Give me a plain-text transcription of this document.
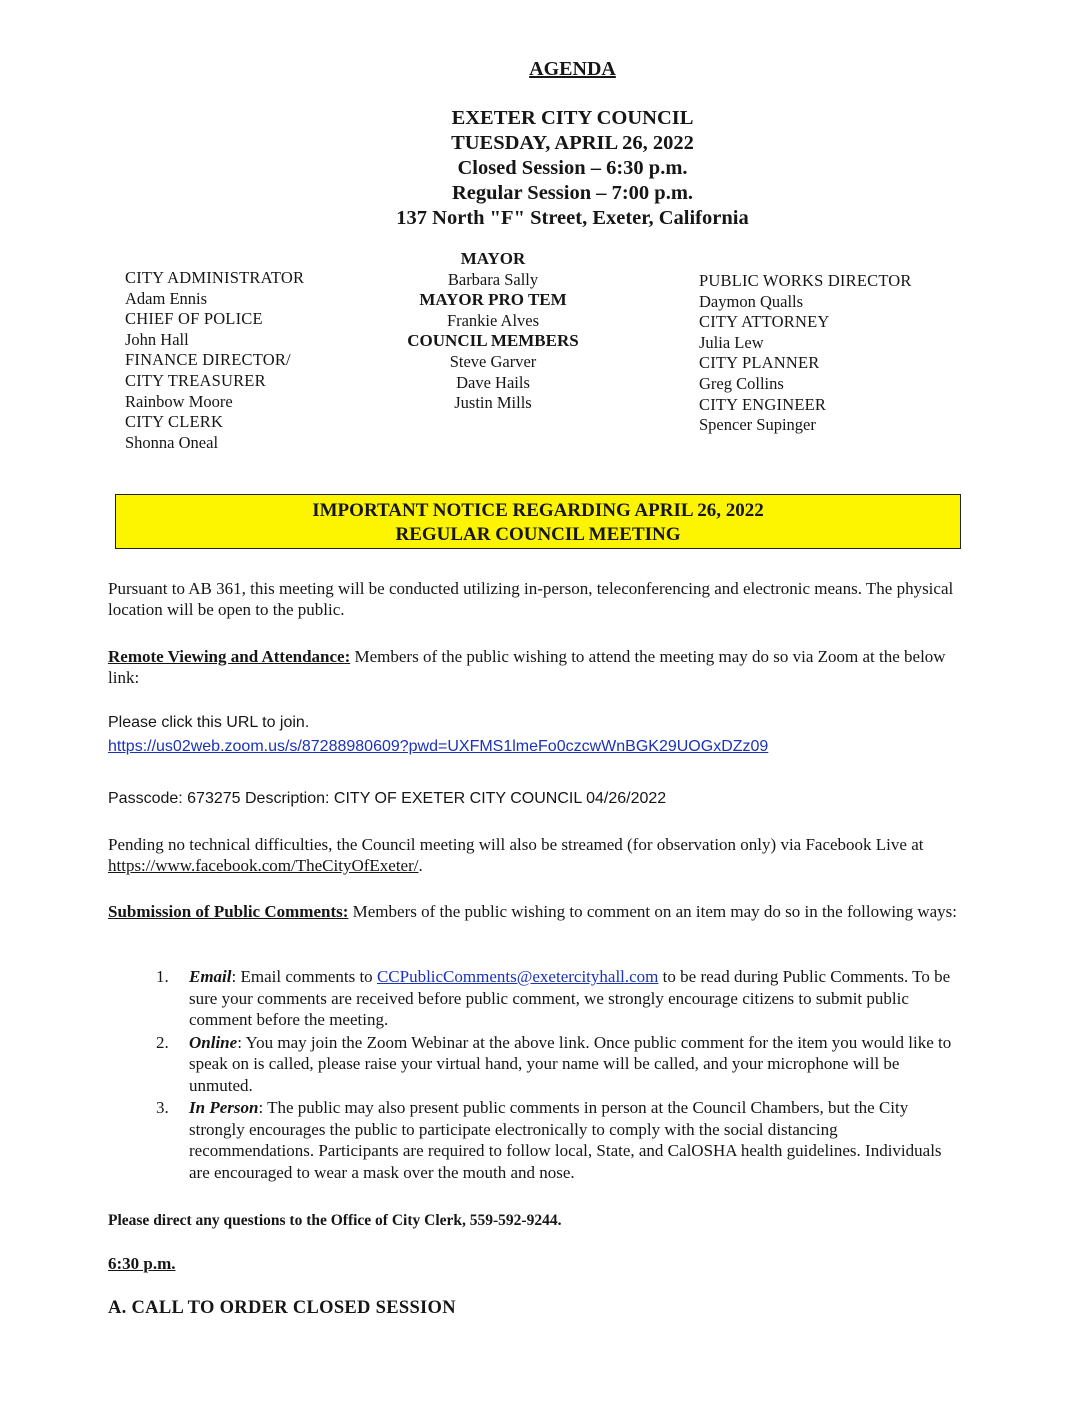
AGENDA
EXETER CITY COUNCIL
TUESDAY, APRIL 26, 2022
Closed Session – 6:30 p.m.
Regular Session – 7:00 p.m.
137 North "F" Street, Exeter, California
CITY ADMINISTRATOR
Adam Ennis
CHIEF OF POLICE
John Hall
FINANCE DIRECTOR/
CITY TREASURER
Rainbow Moore
CITY CLERK
Shonna Oneal
MAYOR
Barbara Sally
MAYOR PRO TEM
Frankie Alves
COUNCIL MEMBERS
Steve Garver
Dave Hails
Justin Mills
PUBLIC WORKS DIRECTOR
Daymon Qualls
CITY ATTORNEY
Julia Lew
CITY PLANNER
Greg Collins
CITY ENGINEER
Spencer Supinger
IMPORTANT NOTICE REGARDING APRIL 26, 2022
REGULAR COUNCIL MEETING
Pursuant to AB 361, this meeting will be conducted utilizing in-person, teleconferencing and electronic means. The physical location will be open to the public.
Remote Viewing and Attendance: Members of the public wishing to attend the meeting may do so via Zoom at the below link:
Please click this URL to join.
https://us02web.zoom.us/s/87288980609?pwd=UXFMS1lmeFo0czcwWnBGK29UOGxDZz09
Passcode: 673275 Description: CITY OF EXETER CITY COUNCIL 04/26/2022
Pending no technical difficulties, the Council meeting will also be streamed (for observation only) via Facebook Live at https://www.facebook.com/TheCityOfExeter/.
Submission of Public Comments: Members of the public wishing to comment on an item may do so in the following ways:
1. Email: Email comments to CCPublicComments@exetercityhall.com to be read during Public Comments. To be sure your comments are received before public comment, we strongly encourage citizens to submit public comment before the meeting.
2. Online: You may join the Zoom Webinar at the above link. Once public comment for the item you would like to speak on is called, please raise your virtual hand, your name will be called, and your microphone will be unmuted.
3. In Person: The public may also present public comments in person at the Council Chambers, but the City strongly encourages the public to participate electronically to comply with the social distancing recommendations. Participants are required to follow local, State, and CalOSHA health guidelines. Individuals are encouraged to wear a mask over the mouth and nose.
Please direct any questions to the Office of City Clerk, 559-592-9244.
6:30 p.m.
A. CALL TO ORDER CLOSED SESSION
